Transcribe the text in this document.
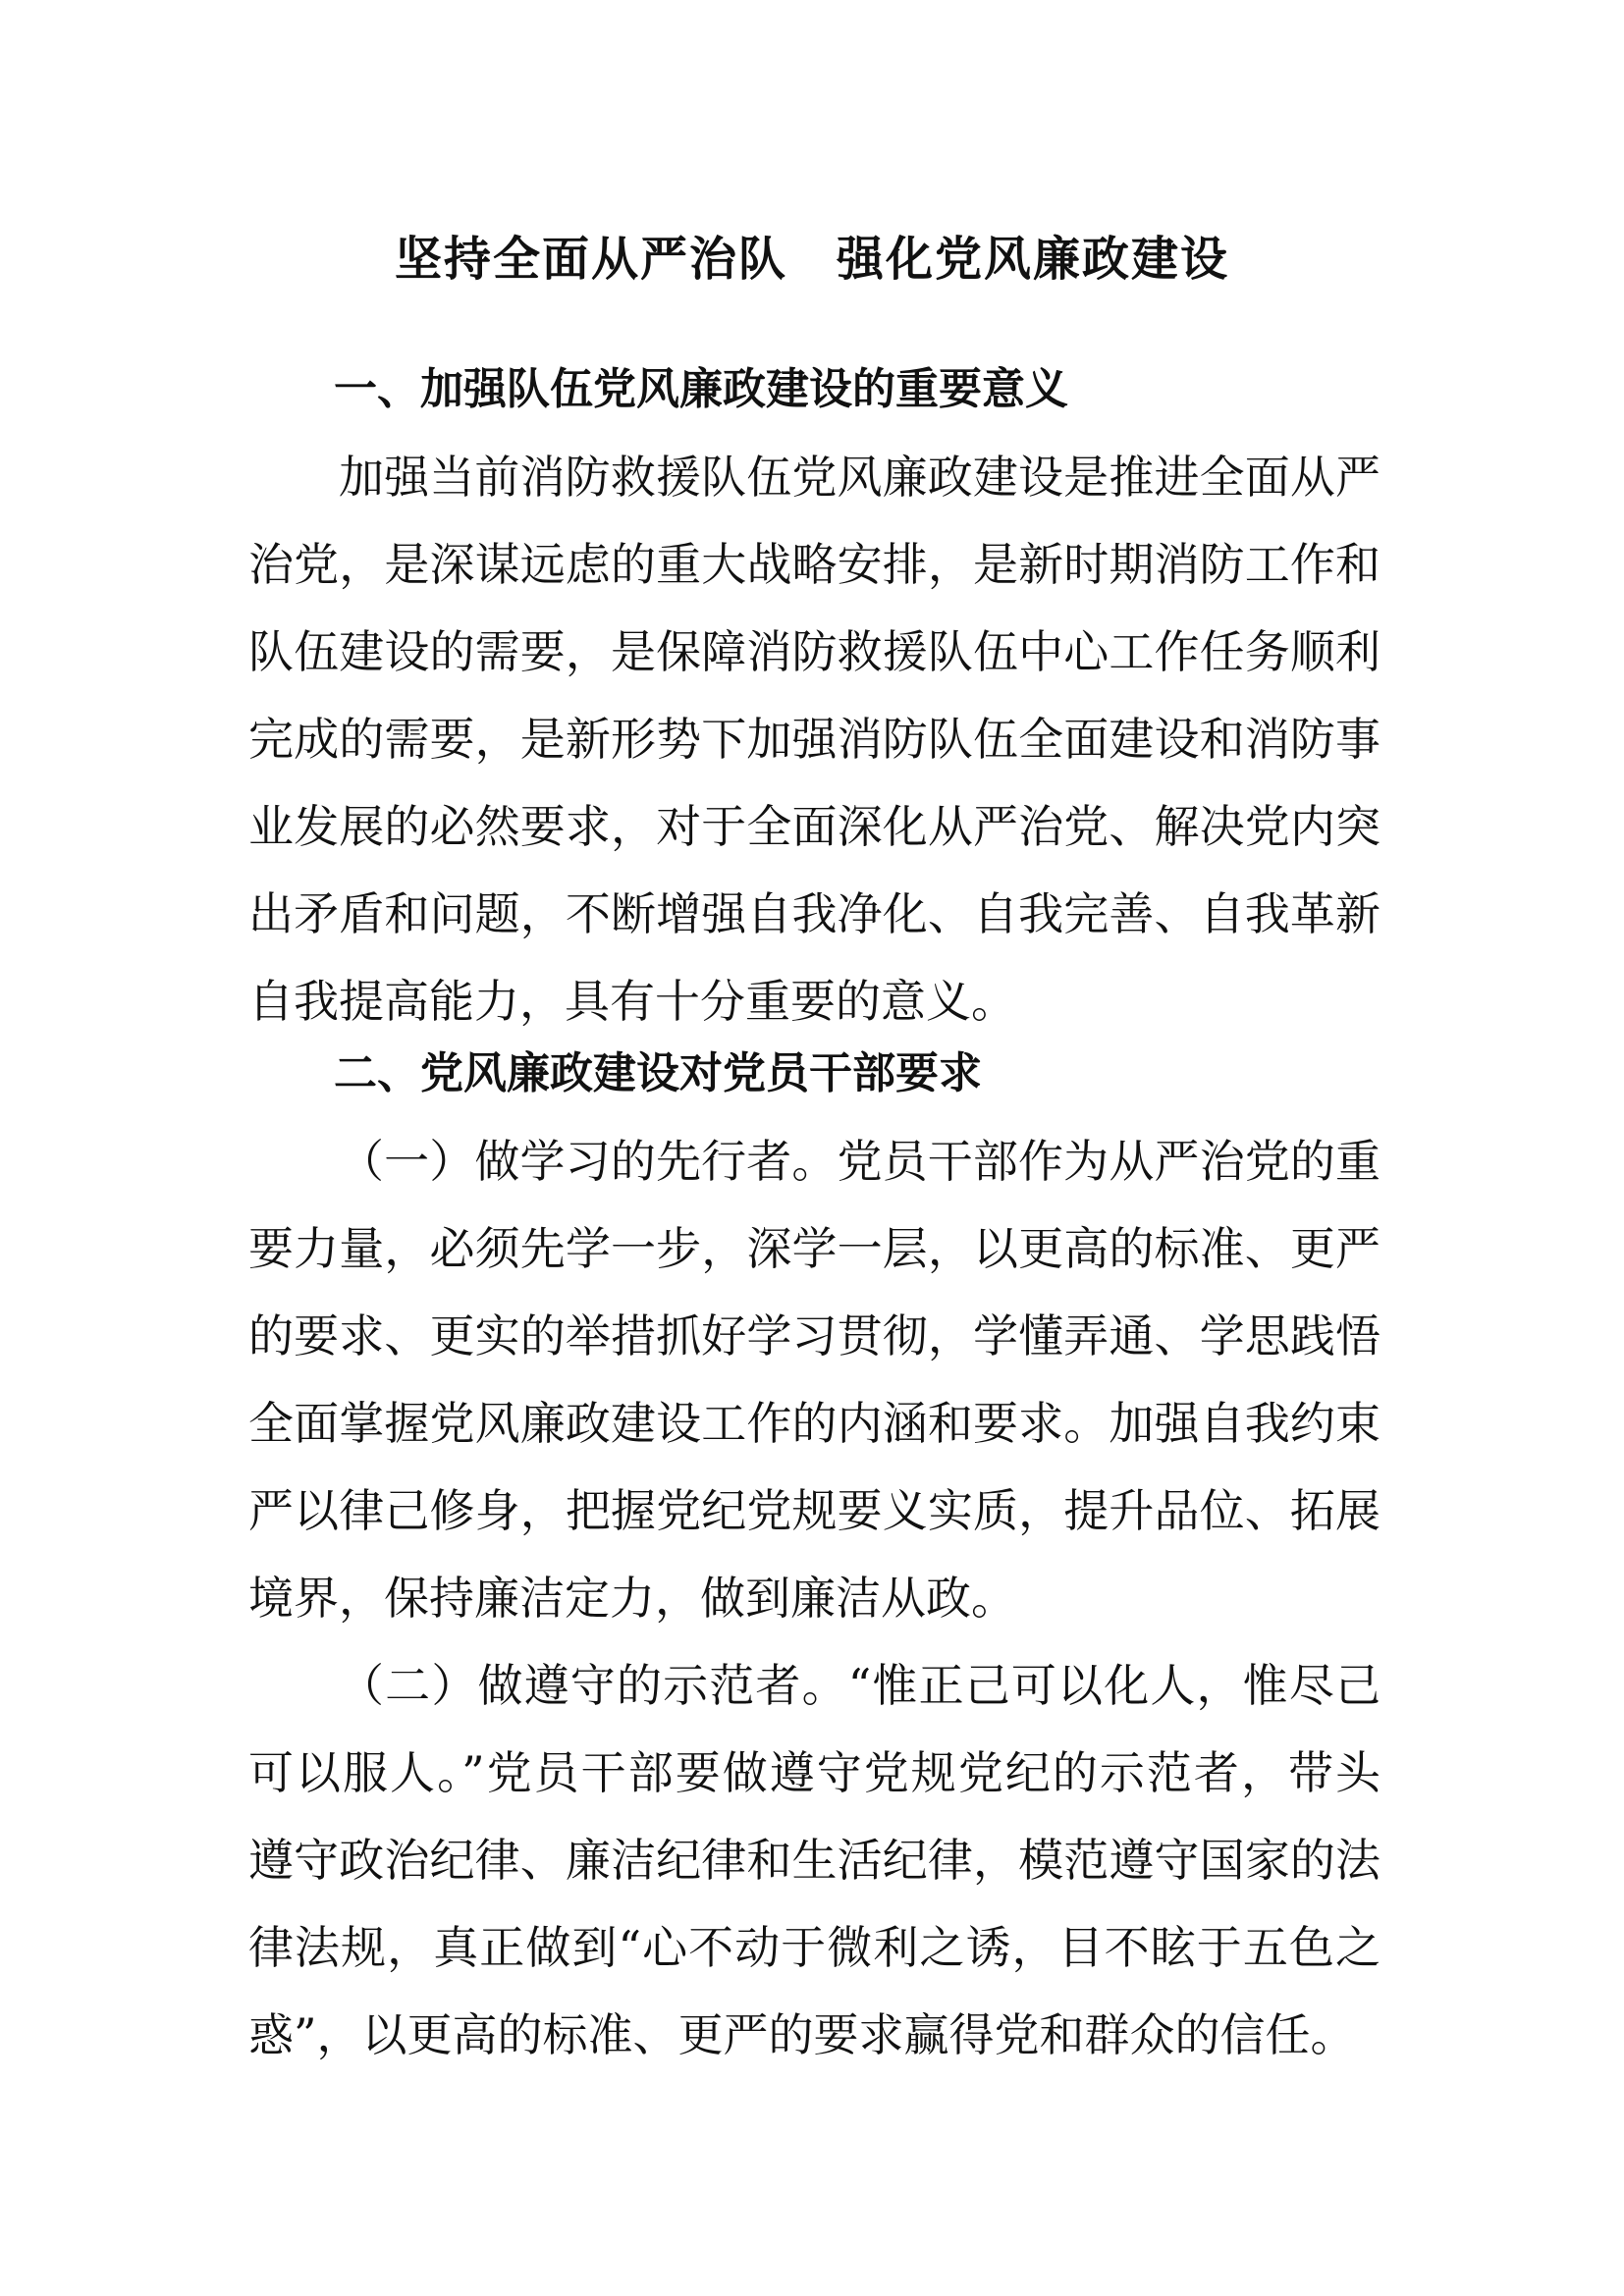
坚持全面从严治队　强化党风廉政建设
一、加强队伍党风廉政建设的重要意义
加强当前消防救援队伍党风廉政建设是推进全面从严
治党，是深谋远虑的重大战略安排，是新时期消防工作和
队伍建设的需要，是保障消防救援队伍中心工作任务顺利
完成的需要，是新形势下加强消防队伍全面建设和消防事
业发展的必然要求，对于全面深化从严治党、解决党内突
出矛盾和问题，不断增强自我净化、自我完善、自我革新
自我提高能力，具有十分重要的意义。
二、党风廉政建设对党员干部要求
（一）做学习的先行者。党员干部作为从严治党的重
要力量，必须先学一步，深学一层，以更高的标准、更严
的要求、更实的举措抓好学习贯彻，学懂弄通、学思践悟
全面掌握党风廉政建设工作的内涵和要求。加强自我约束
严以律己修身，把握党纪党规要义实质，提升品位、拓展
境界，保持廉洁定力，做到廉洁从政。
（二）做遵守的示范者。“惟正己可以化人，惟尽己
可以服人。”党员干部要做遵守党规党纪的示范者，带头
遵守政治纪律、廉洁纪律和生活纪律，模范遵守国家的法
律法规，真正做到“心不动于微利之诱，目不眩于五色之
惑”，以更高的标准、更严的要求赢得党和群众的信任。
